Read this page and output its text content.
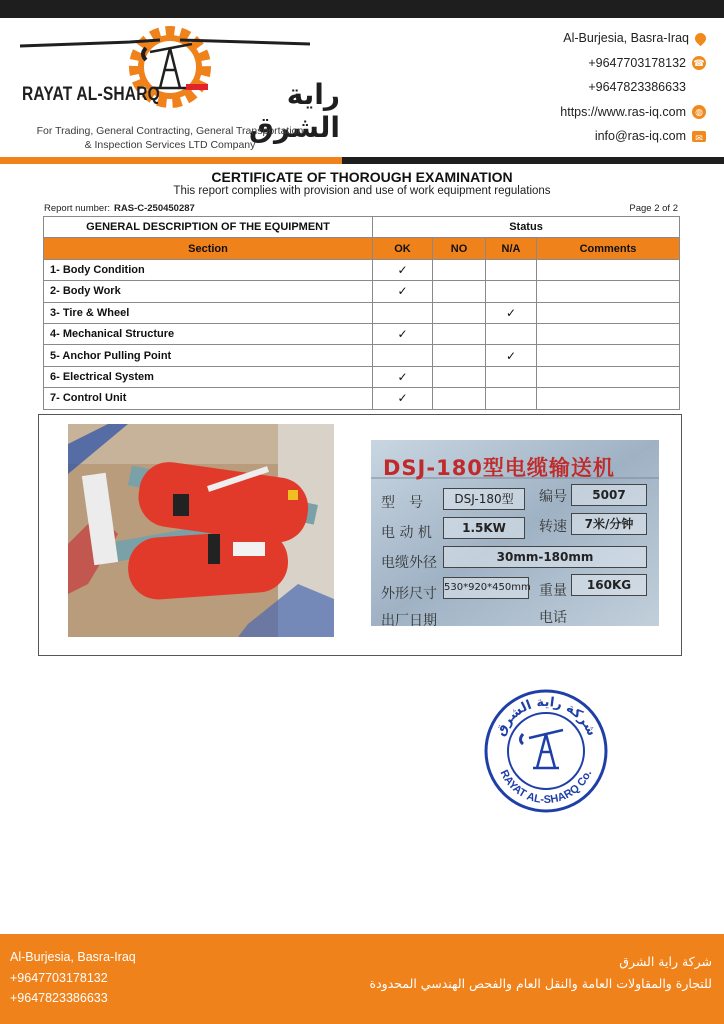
RAYAT AL-SHARQ	راية الشرق
For Trading, General Contracting, General Transportation
& Inspection Services LTD Company
Al-Burjesia, Basra-Iraq
+9647703178132 ☎
+9647823386633
https://www.ras-iq.com	◍
info@ras-iq.com	✉
CERTIFICATE OF THOROUGH EXAMINATION
This report complies with provision and use of work equipment regulations
Report number: RAS-C-250450287	Page 2 of 2
GENERAL DESCRIPTION OF THE EQUIPMENT	Status			
Section	OK	NO	N/A	Comments
1- Body Condition	✓			
2- Body Work	✓			
3- Tire & Wheel			✓	
4- Mechanical Structure	✓			
5- Anchor Pulling Point			✓	
6- Electrical System	✓			
7- Control Unit	✓			
DSJ-180型电缆输送机
型　号	DSJ-180型	编号	5007
电 动 机	1.5KW	转速	7米/分钟
电缆外径	30mm-180mm
外形尺寸 530*920*450mm 重量	160KG
出厂日期	电话
شركة راية الشرق
RAYAT AL-SHARQ Co.
Al-Burjesia, Basra-Iraq
+9647703178132
+9647823386633
شركة راية الشرق
للتجارة والمقاولات العامة والنقل العام والفحص الهندسي المحدودة
